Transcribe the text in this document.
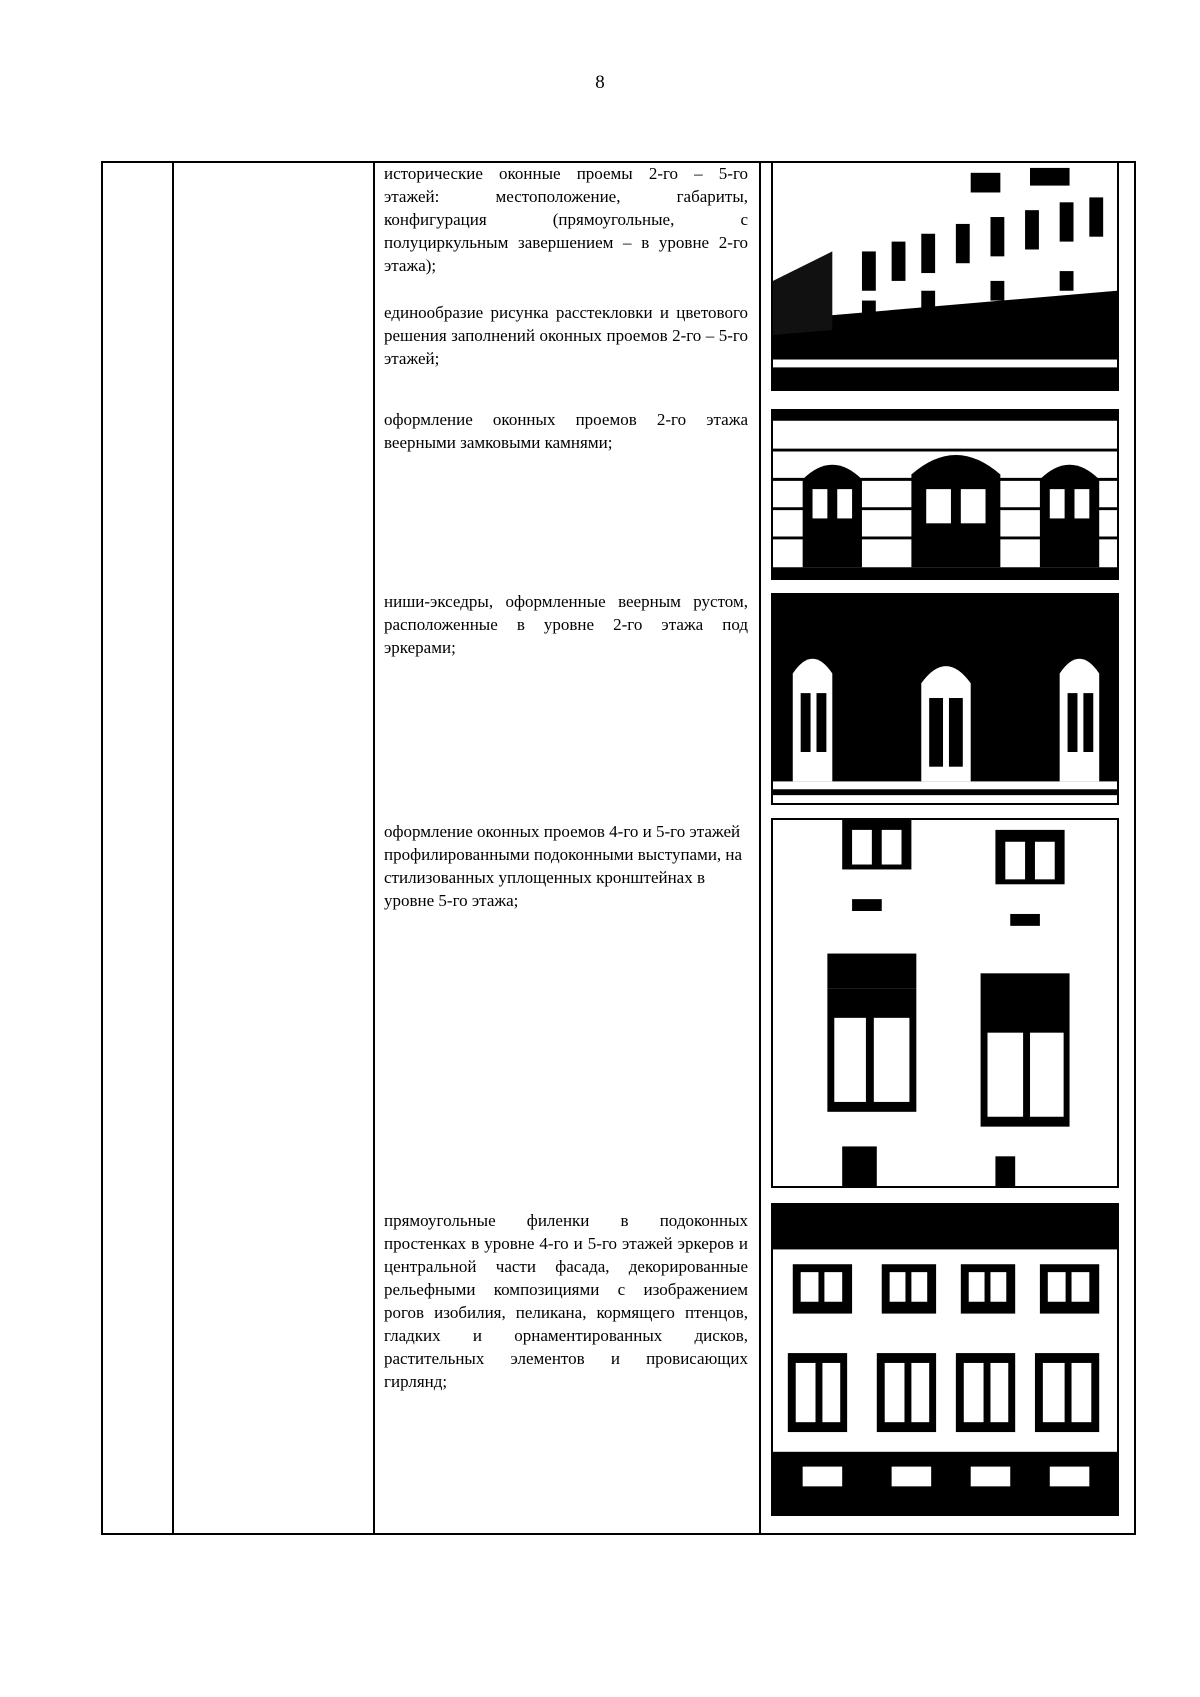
8
исторические оконные проемы 2-го – 5-го этажей: местоположение, габариты, конфигурация (прямоугольные, с полуциркульным завершением – в уровне 2-го этажа);
единообразие рисунка расстекловки и цветового решения заполнений оконных проемов 2-го – 5-го этажей;
оформление оконных проемов 2-го этажа веерными замковыми камнями;
ниши-экседры, оформленные веерным рустом, расположенные в уровне 2-го этажа под эркерами;
оформление оконных проемов 4-го и 5-го этажей профилированными подоконными выступами, на стилизованных уплощенных кронштейнах в уровне 5-го этажа;
прямоугольные филенки в подоконных простенках в уровне 4-го и 5-го этажей эркеров и центральной части фасада, декорированные рельефными композициями с изображением рогов изобилия, пеликана, кормящего птенцов, гладких и орнаментированных дисков, растительных элементов и провисающих гирлянд;
